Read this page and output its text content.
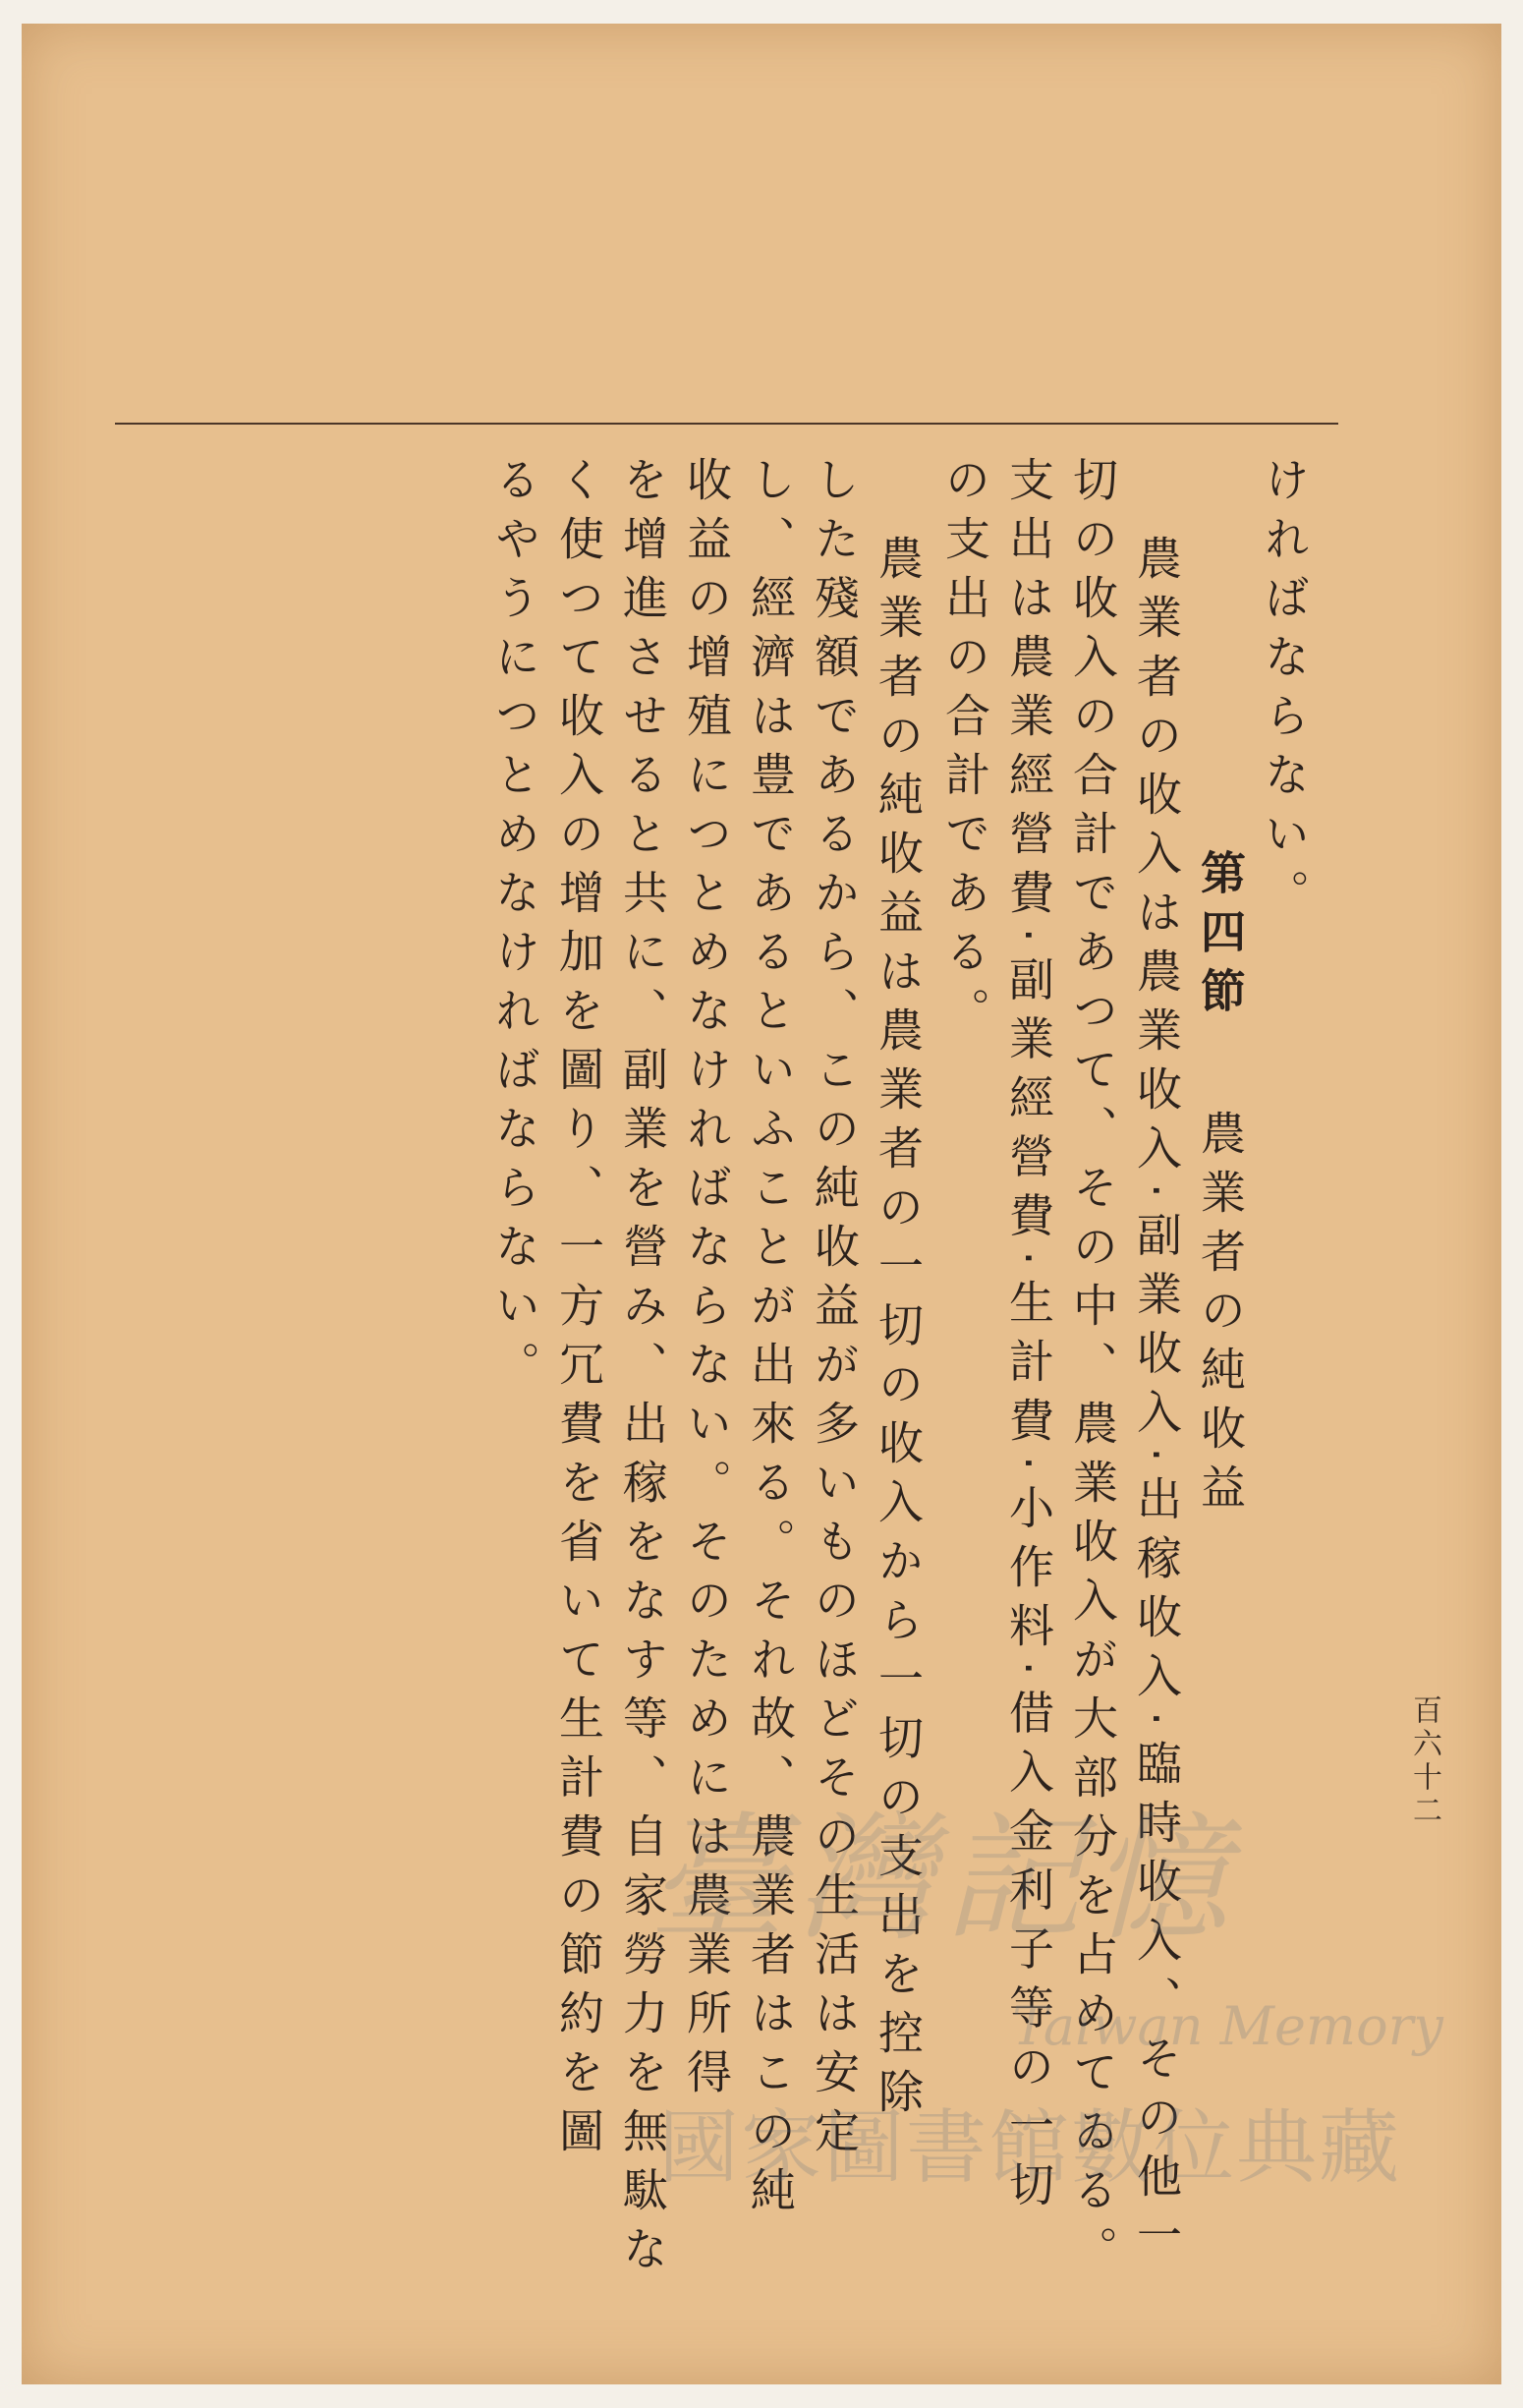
ければならない。
第四節
農業者の純收益
農業者の收入は農業收入·副業收入·出稼收入·臨時收入、その他一
切の收入の合計であつて、その中、農業收入が大部分を占めてゐる。
支出は農業經營費·副業經營費·生計費·小作料·借入金利子等の一切
の支出の合計である。
農業者の純收益は農業者の一切の收入から一切の支出を控除
した殘額であるから、この純收益が多いものほどその生活は安定
し、經濟は豊であるといふことが出來る。それ故、農業者はこの純
收益の增殖につとめなければならない。そのためには農業所得
を增進させると共に、副業を營み、出稼をなす等、自家勞力を無駄な
く使つて收入の增加を圖り、一方冗費を省いて生計費の節約を圖
るやうにつとめなければならない。
百六十二
Taiwan Memory
國家圖書館數位典藏
